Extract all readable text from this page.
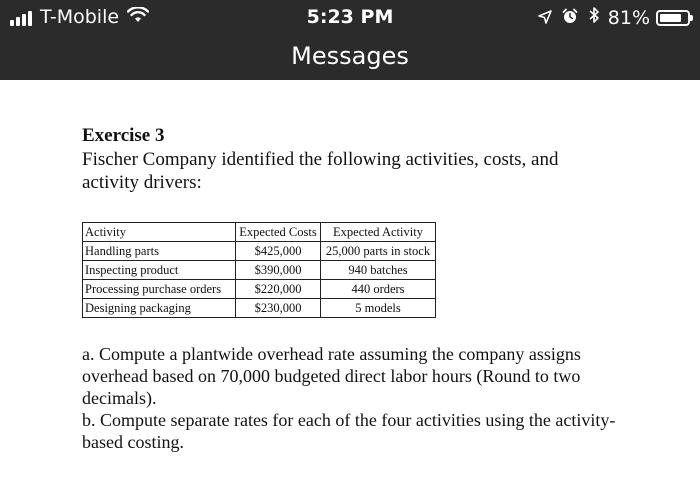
T-Mobile	5:23 PM	81%
Messages
Exercise 3
Fischer Company identified the following activities, costs, and activity drivers:
Activity	Expected Costs	Expected Activity
Handling parts	$425,000	25,000 parts in stock
Inspecting product	$390,000	940 batches
Processing purchase orders	$220,000	440 orders
Designing packaging	$230,000	5 models

a. Compute a plantwide overhead rate assuming the company assigns overhead based on 70,000 budgeted direct labor hours (Round to two decimals).

b. Compute separate rates for each of the four activities using the activity-based costing.
